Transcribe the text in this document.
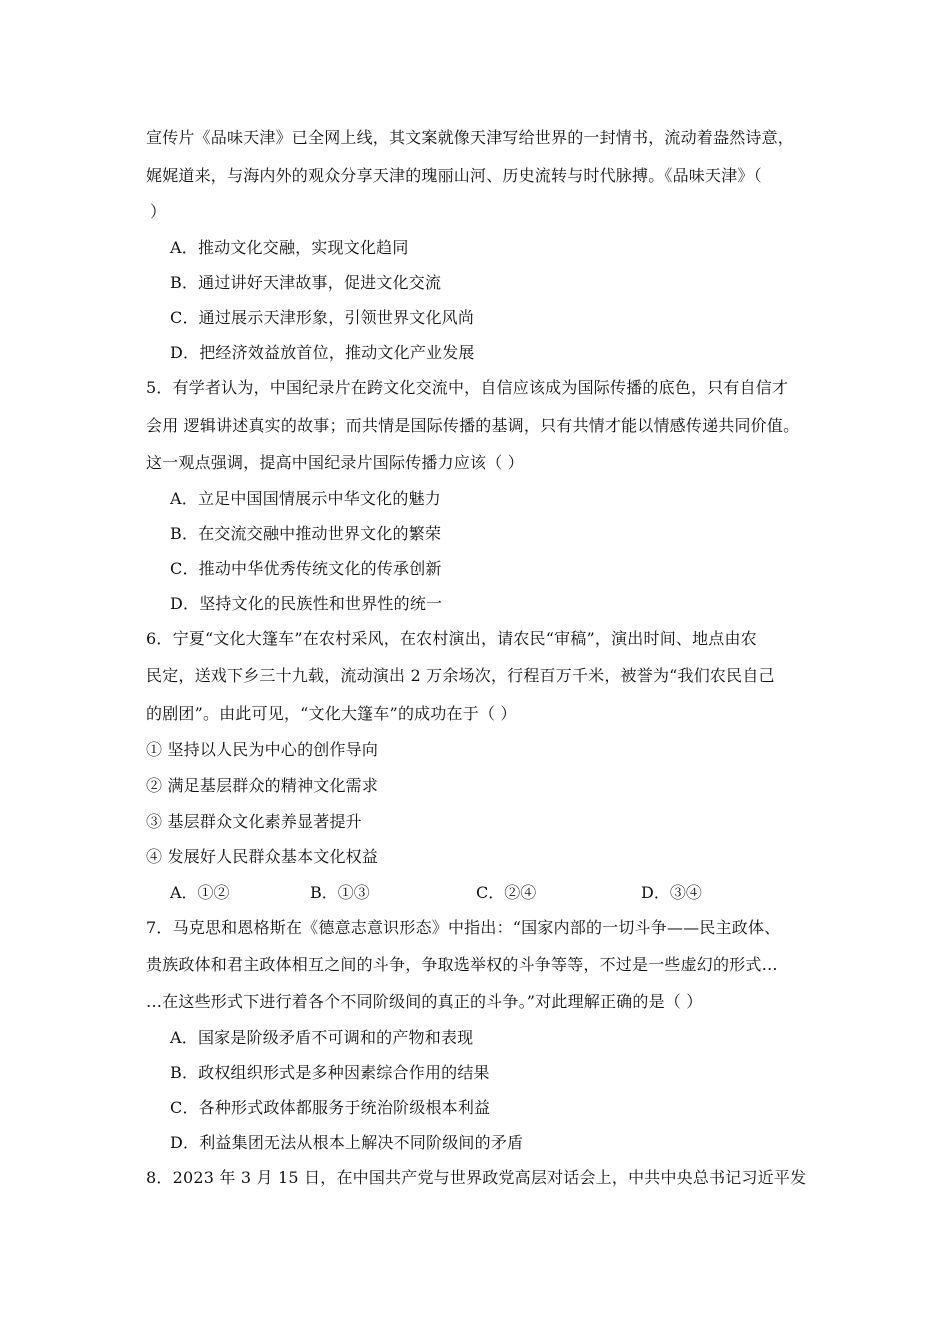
宣传片《品味天津》已全网上线，其文案就像天津写给世界的一封情书，流动着盎然诗意，
娓娓道来，与海内外的观众分享天津的瑰丽山河、历史流转与时代脉搏。《品味天津》（
）
A．推动文化交融，实现文化趋同
B．通过讲好天津故事，促进文化交流
C．通过展示天津形象，引领世界文化风尚
D．把经济效益放首位，推动文化产业发展
5．有学者认为，中国纪录片在跨文化交流中，自信应该成为国际传播的底色，只有自信才
会用 逻辑讲述真实的故事；而共情是国际传播的基调，只有共情才能以情感传递共同价值。
这一观点强调，提高中国纪录片国际传播力应该（ ）
A．立足中国国情展示中华文化的魅力
B．在交流交融中推动世界文化的繁荣
C．推动中华优秀传统文化的传承创新
D．坚持文化的民族性和世界性的统一
6．宁夏“文化大篷车”在农村采风，在农村演出，请农民“审稿”，演出时间、地点由农
民定，送戏下乡三十九载，流动演出 2 万余场次，行程百万千米，被誉为“我们农民自己
的剧团”。由此可见，“文化大篷车”的成功在于（ ）
① 坚持以人民为中心的创作导向
② 满足基层群众的精神文化需求
③ 基层群众文化素养显著提升
④ 发展好人民群众基本文化权益
A．①②	B．①③	C．②④	D．③④
7．马克思和恩格斯在《德意志意识形态》中指出：“国家内部的一切斗争——民主政体、
贵族政体和君主政体相互之间的斗争，争取选举权的斗争等等，不过是一些虚幻的形式…
…在这些形式下进行着各个不同阶级间的真正的斗争。”对此理解正确的是（ ）
A．国家是阶级矛盾不可调和的产物和表现
B．政权组织形式是多种因素综合作用的结果
C．各种形式政体都服务于统治阶级根本利益
D．利益集团无法从根本上解决不同阶级间的矛盾
8．2023 年 3 月 15 日，在中国共产党与世界政党高层对话会上，中共中央总书记习近平发
